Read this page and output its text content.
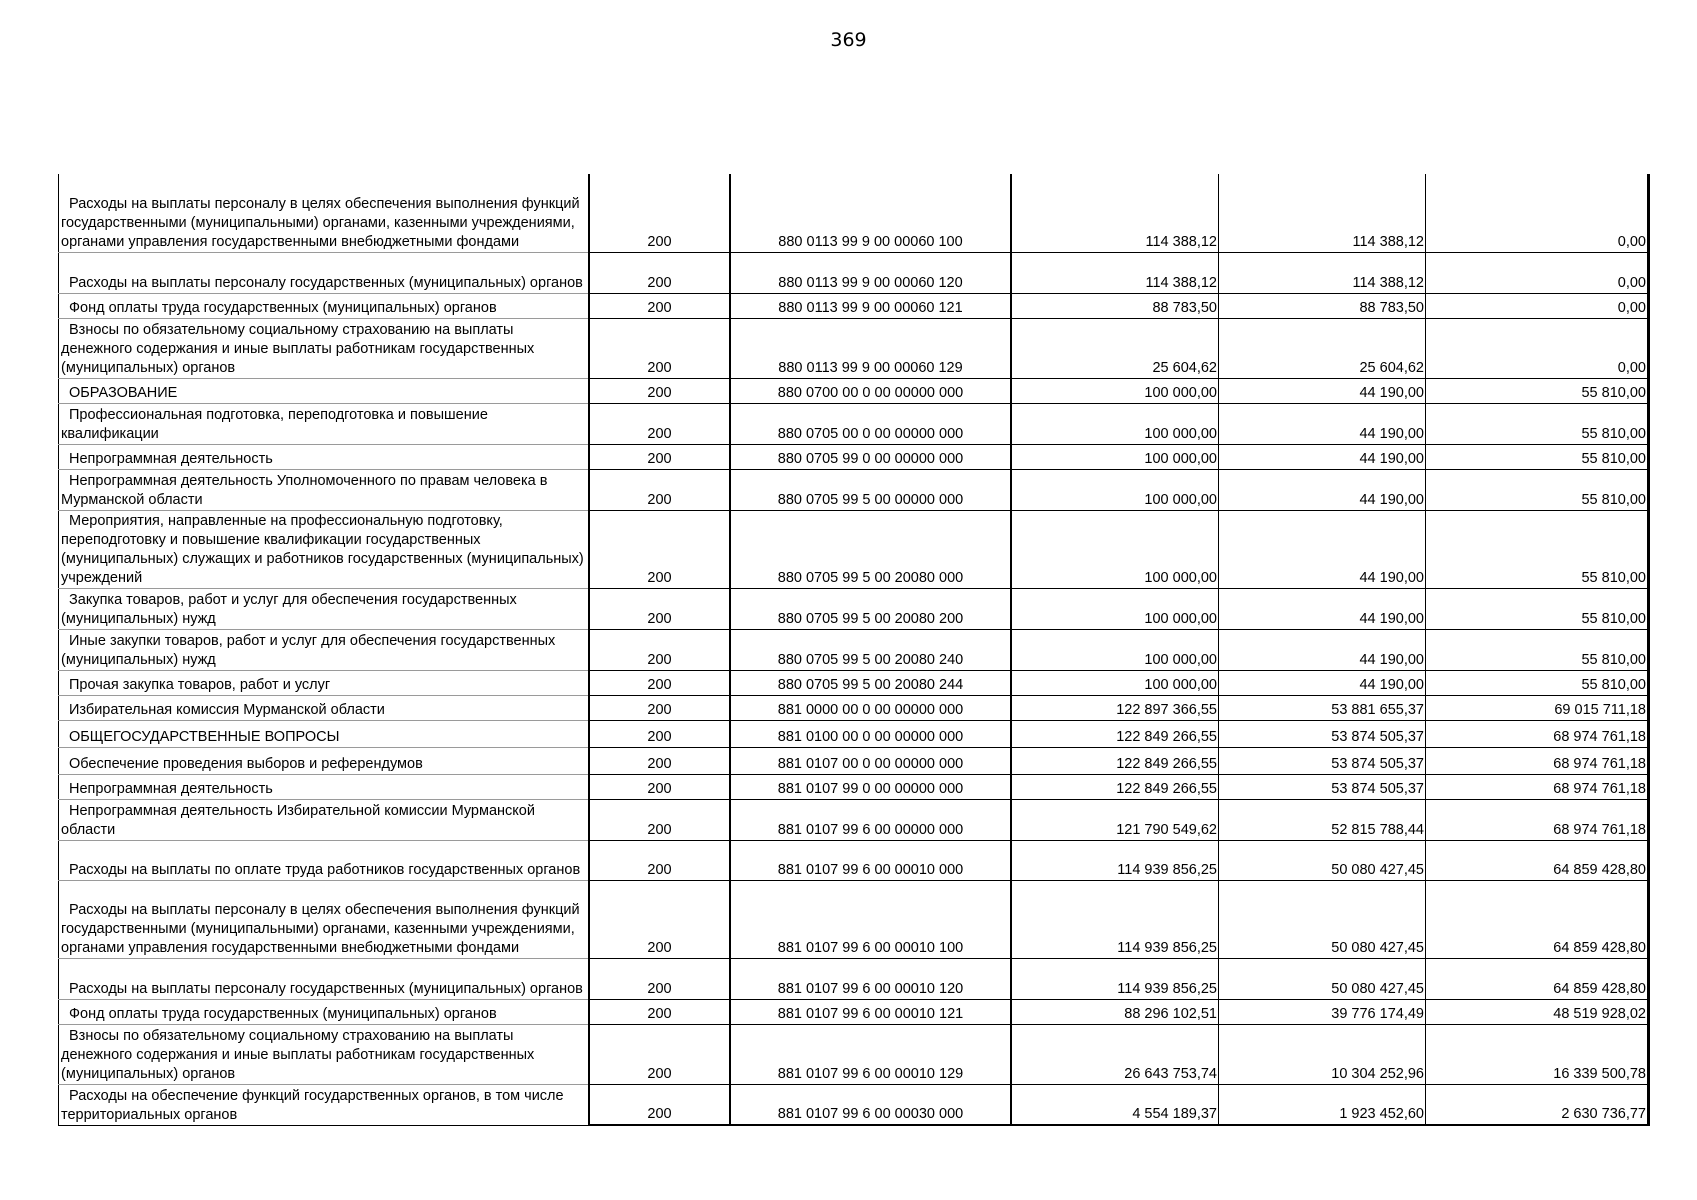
369
Расходы на выплаты персоналу в целях обеспечения выполнения функций государственными (муниципальными) органами, казенными учреждениями, органами управления государственными внебюджетными фондами	200	880 0113 99 9 00 00060 100	114 388,12	114 388,12	0,00

Расходы на выплаты персоналу государственных (муниципальных) органов	200	880 0113 99 9 00 00060 120	114 388,12	114 388,12	0,00

Фонд оплаты труда государственных (муниципальных) органов	200	880 0113 99 9 00 00060 121	88 783,50	88 783,50	0,00

Взносы по обязательному социальному страхованию на выплаты денежного содержания и иные выплаты работникам государственных (муниципальных) органов	200	880 0113 99 9 00 00060 129	25 604,62	25 604,62	0,00

ОБРАЗОВАНИЕ	200	880 0700 00 0 00 00000 000	100 000,00	44 190,00	55 810,00

Профессиональная подготовка, переподготовка и повышение квалификации	200	880 0705 00 0 00 00000 000	100 000,00	44 190,00	55 810,00

Непрограммная деятельность	200	880 0705 99 0 00 00000 000	100 000,00	44 190,00	55 810,00

Непрограммная деятельность Уполномоченного по правам человека в Мурманской области	200	880 0705 99 5 00 00000 000	100 000,00	44 190,00	55 810,00

Мероприятия, направленные на профессиональную подготовку, переподготовку и повышение квалификации государственных (муниципальных) служащих и работников государственных (муниципальных) учреждений	200	880 0705 99 5 00 20080 000	100 000,00	44 190,00	55 810,00

Закупка товаров, работ и услуг для обеспечения государственных (муниципальных) нужд	200	880 0705 99 5 00 20080 200	100 000,00	44 190,00	55 810,00

Иные закупки товаров, работ и услуг для обеспечения государственных (муниципальных) нужд	200	880 0705 99 5 00 20080 240	100 000,00	44 190,00	55 810,00

Прочая закупка товаров, работ и услуг	200	880 0705 99 5 00 20080 244	100 000,00	44 190,00	55 810,00

Избирательная комиссия Мурманской области	200	881 0000 00 0 00 00000 000	122 897 366,55	53 881 655,37	69 015 711,18

ОБЩЕГОСУДАРСТВЕННЫЕ ВОПРОСЫ	200	881 0100 00 0 00 00000 000	122 849 266,55	53 874 505,37	68 974 761,18

Обеспечение проведения выборов и референдумов	200	881 0107 00 0 00 00000 000	122 849 266,55	53 874 505,37	68 974 761,18

Непрограммная деятельность	200	881 0107 99 0 00 00000 000	122 849 266,55	53 874 505,37	68 974 761,18

Непрограммная деятельность Избирательной комиссии Мурманской области	200	881 0107 99 6 00 00000 000	121 790 549,62	52 815 788,44	68 974 761,18

Расходы на выплаты по оплате труда работников государственных органов	200	881 0107 99 6 00 00010 000	114 939 856,25	50 080 427,45	64 859 428,80

Расходы на выплаты персоналу в целях обеспечения выполнения функций государственными (муниципальными) органами, казенными учреждениями, органами управления государственными внебюджетными фондами	200	881 0107 99 6 00 00010 100	114 939 856,25	50 080 427,45	64 859 428,80

Расходы на выплаты персоналу государственных (муниципальных) органов	200	881 0107 99 6 00 00010 120	114 939 856,25	50 080 427,45	64 859 428,80

Фонд оплаты труда государственных (муниципальных) органов	200	881 0107 99 6 00 00010 121	88 296 102,51	39 776 174,49	48 519 928,02

Взносы по обязательному социальному страхованию на выплаты денежного содержания и иные выплаты работникам государственных (муниципальных) органов	200	881 0107 99 6 00 00010 129	26 643 753,74	10 304 252,96	16 339 500,78

Расходы на обеспечение функций государственных органов, в том числе территориальных органов	200	881 0107 99 6 00 00030 000	4 554 189,37	1 923 452,60	2 630 736,77
